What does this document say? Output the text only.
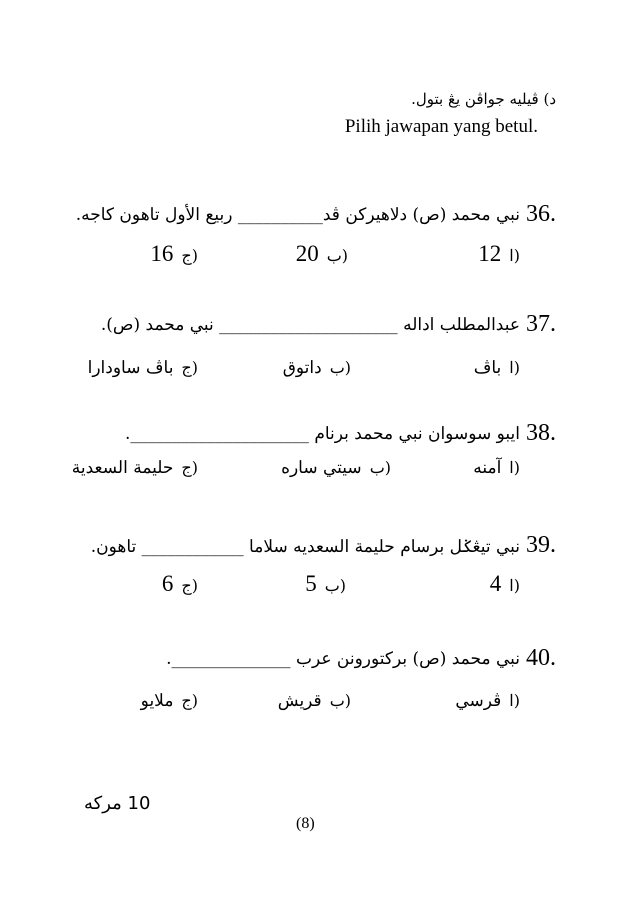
د) ڤيليه جواڤن يڠ بتول.
Pilih jawapan yang betul.
36.
نبي محمد (ص) دلاهيركن ڤد__________ ربيع الأول تاهون كاجه.
ا)
12
ب)
20
ج)
16
37.
عبدالمطلب اداله _____________________ نبي محمد (ص).
ا)
باڤ
ب)
داتوق
ج)
باڤ ساودارا
38.
ايبو سوسوان نبي محمد برنام _____________________.
ا)
آمنه
ب)
سيتي ساره
ج)
حليمة السعدية
39.
نبي تيڠݢل برسام حليمة السعديه سلاما ____________ تاهون.
ا)
4
ب)
5
ج)
6
40.
نبي محمد (ص) بركتورونن عرب ______________.
ا)
ڤرسي
ب)
قريش
ج)
ملايو
10 مركه
(8)
